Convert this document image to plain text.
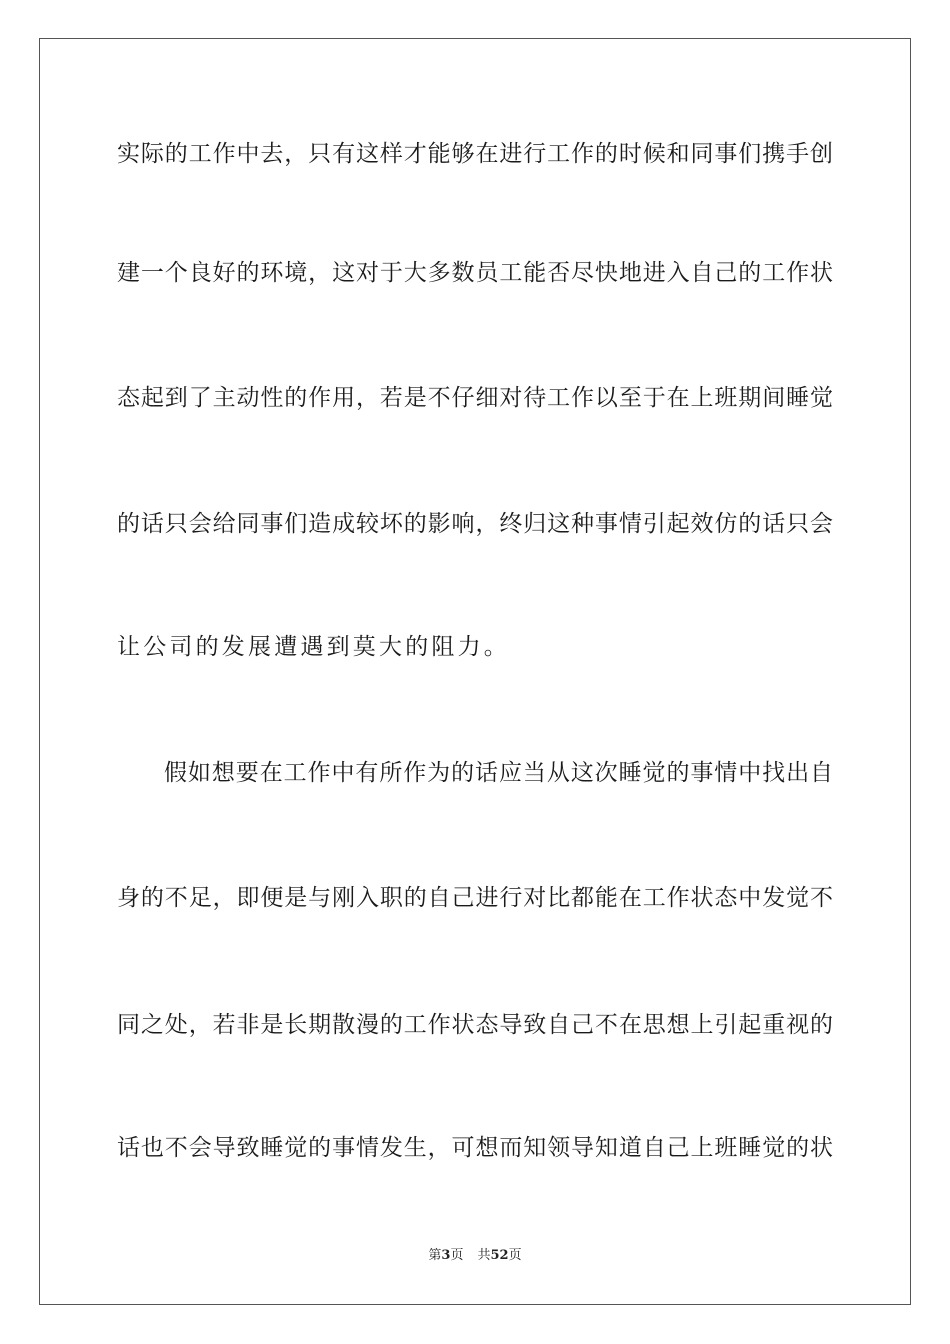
实际的工作中去，只有这样才能够在进行工作的时候和同事们携手创
建一个良好的环境，这对于大多数员工能否尽快地进入自己的工作状
态起到了主动性的作用，若是不仔细对待工作以至于在上班期间睡觉
的话只会给同事们造成较坏的影响，终归这种事情引起效仿的话只会
让公司的发展遭遇到莫大的阻力。
假如想要在工作中有所作为的话应当从这次睡觉的事情中找出自
身的不足，即便是与刚入职的自己进行对比都能在工作状态中发觉不
同之处，若非是长期散漫的工作状态导致自己不在思想上引起重视的
话也不会导致睡觉的事情发生，可想而知领导知道自己上班睡觉的状
第3页 共52页
